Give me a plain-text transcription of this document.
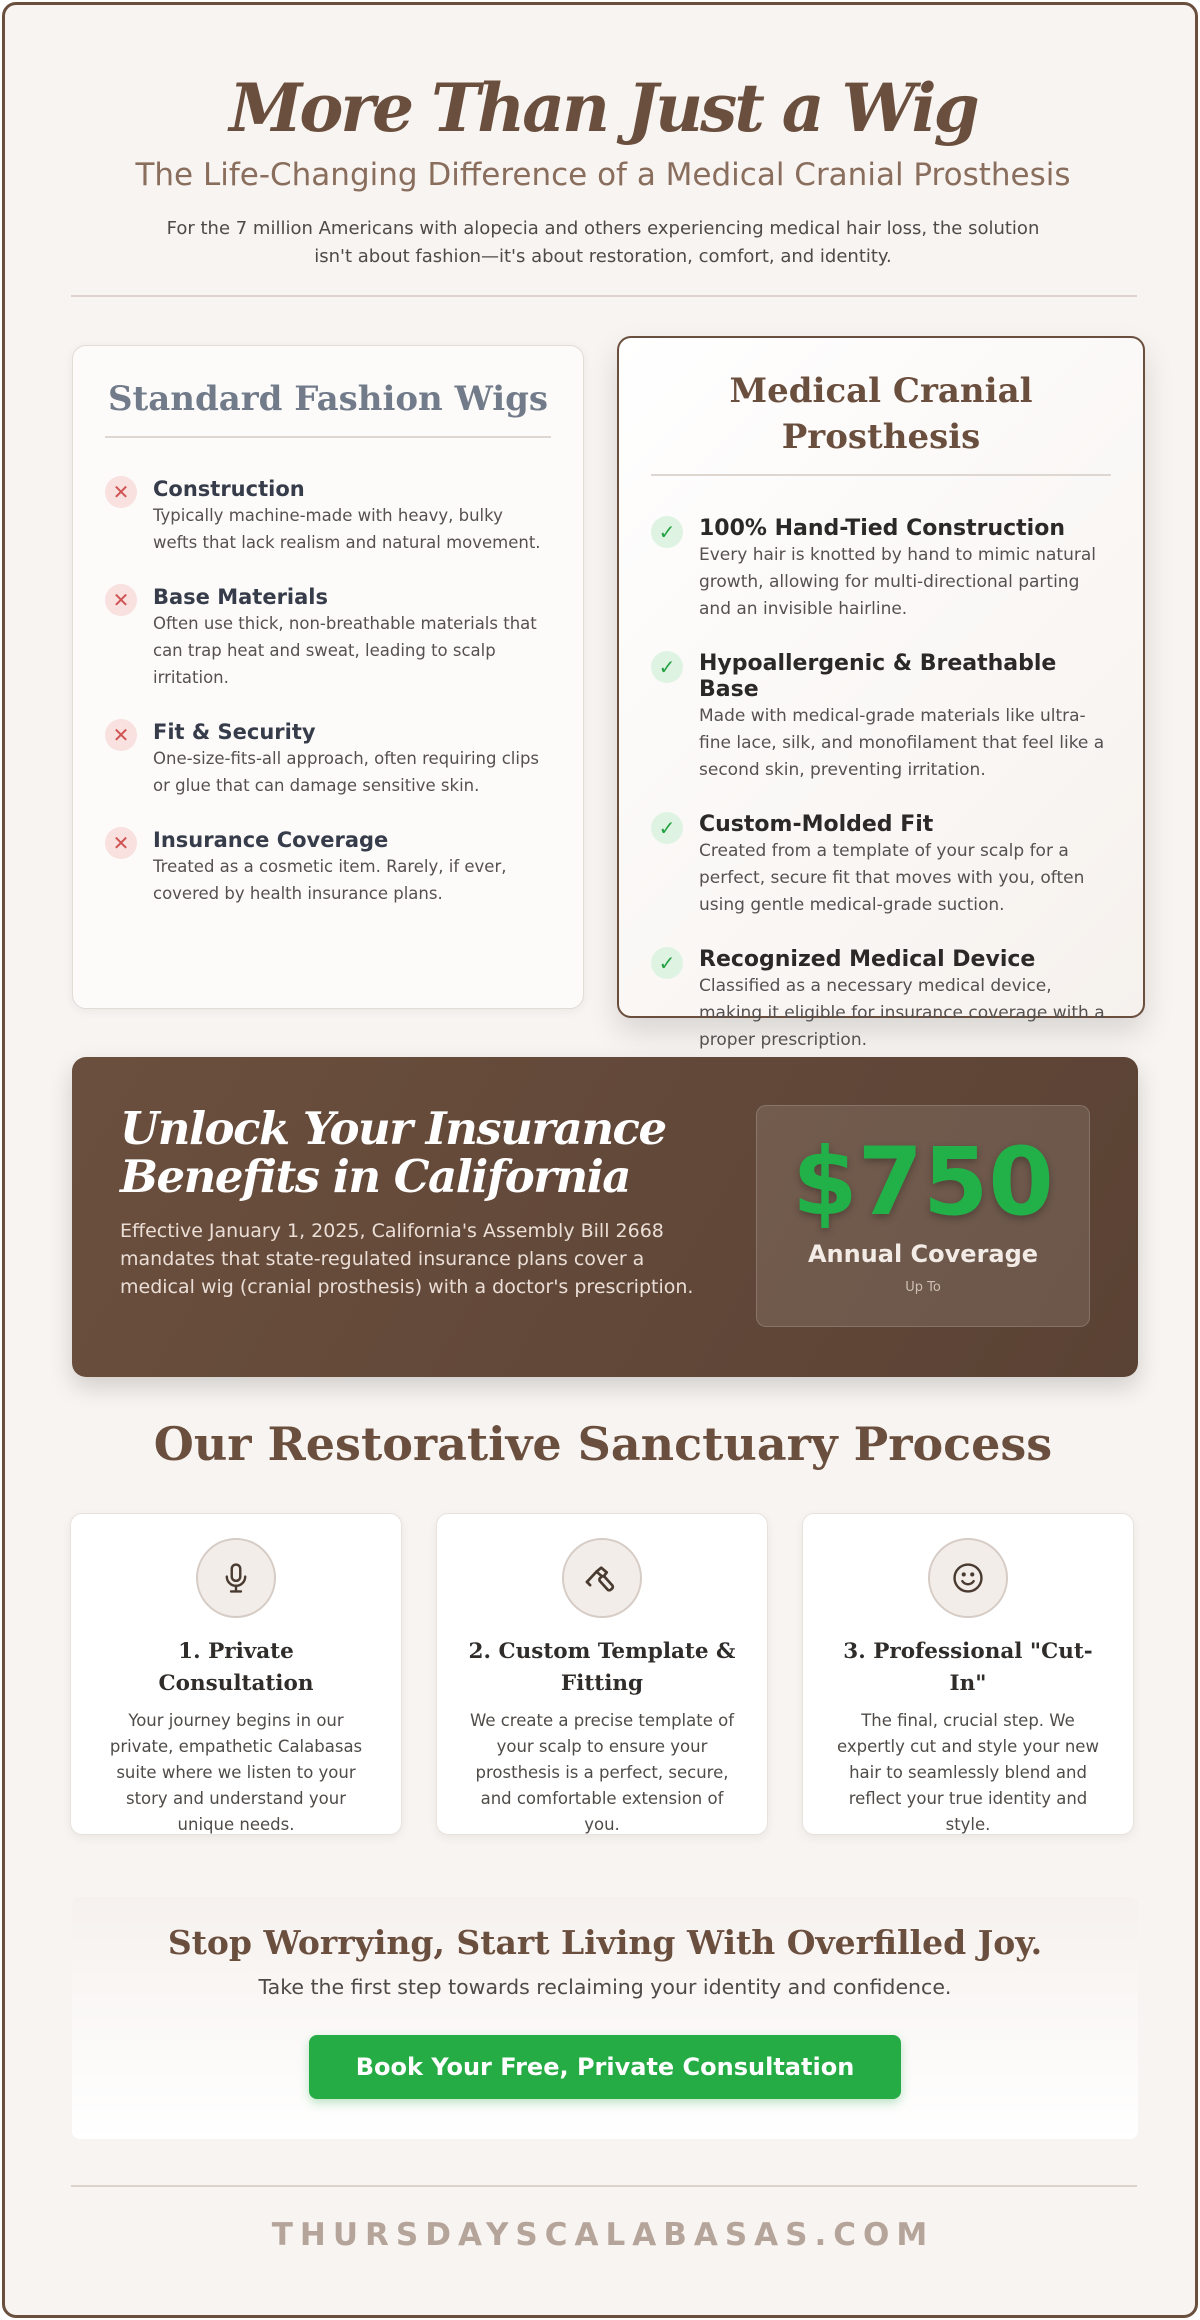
More Than Just a Wig
The Life-Changing Difference of a Medical Cranial Prosthesis

For the 7 million Americans with alopecia and others experiencing medical hair loss, the solution isn't about fashion—it's about restoration, comfort, and identity.

Standard Fashion Wigs
✕	Construction

Typically machine-made with heavy, bulky wefts that lack realism and natural movement.

✕	Base Materials

Often use thick, non-breathable materials that can trap heat and sweat, leading to scalp irritation.

✕	Fit & Security

One-size-fits-all approach, often requiring clips or glue that can damage sensitive skin.

✕	Insurance Coverage

Treated as a cosmetic item. Rarely, if ever, covered by health insurance plans.

Medical Cranial Prosthesis
✓	100% Hand-Tied Construction

Every hair is knotted by hand to mimic natural growth, allowing for multi-directional parting and an invisible hairline.

✓	Hypoallergenic & Breathable Base

Made with medical-grade materials like ultra-fine lace, silk, and monofilament that feel like a second skin, preventing irritation.

✓	Custom-Molded Fit

Created from a template of your scalp for a perfect, secure fit that moves with you, often using gentle medical-grade suction.

✓	Recognized Medical Device

Classified as a necessary medical device, making it eligible for insurance coverage with a proper prescription.

Unlock Your Insurance Benefits in California

Effective January 1, 2025, California's Assembly Bill 2668 mandates that state-regulated insurance plans cover a medical wig (cranial prosthesis) with a doctor's prescription.

$750
Annual Coverage
Up To
Our Restorative Sanctuary Process
1. Private Consultation

Your journey begins in our private, empathetic Calabasas suite where we listen to your story and understand your unique needs.

2. Custom Template & Fitting

We create a precise template of your scalp to ensure your prosthesis is a perfect, secure, and comfortable extension of you.

3. Professional "Cut-In"

The final, crucial step. We expertly cut and style your new hair to seamlessly blend and reflect your true identity and style.

Stop Worrying, Start Living With Overfilled Joy.

Take the first step towards reclaiming your identity and confidence.

Book Your Free, Private Consultation
THURSDAYSCALABASAS.COM
